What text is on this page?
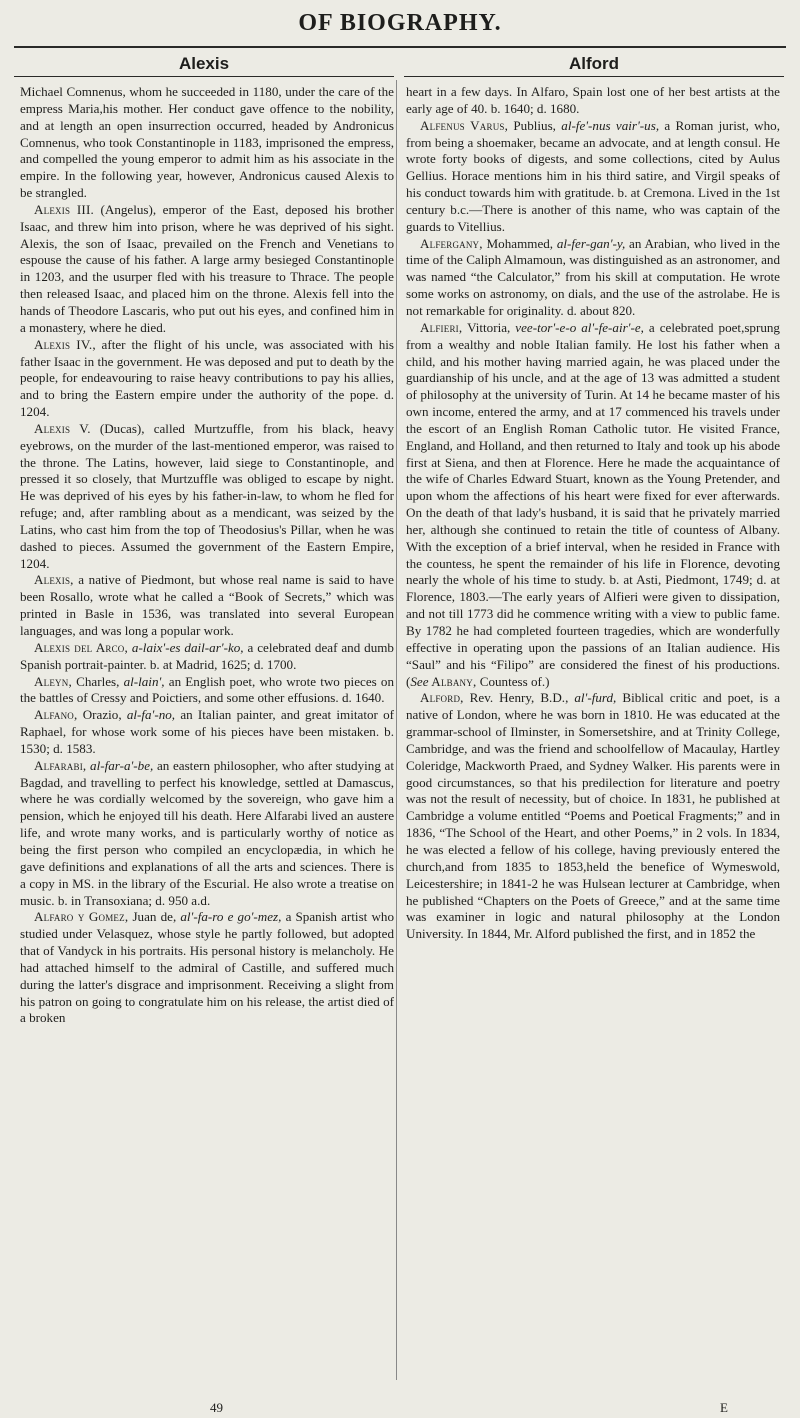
OF BIOGRAPHY.
Alexis	Alford

Michael Comnenus, whom he succeeded in 1180, under the care of the empress Maria,his mother. Her conduct gave offence to the nobility, and at length an open insurrection occurred, headed by Andronicus Comnenus, who took Constantinople in 1183, imprisoned the empress, and compelled the young emperor to admit him as his associate in the empire. In the following year, however, Andronicus caused Alexis to be strangled.

Alexis III. (Angelus), emperor of the East, deposed his brother Isaac, and threw him into prison, where he was deprived of his sight. Alexis, the son of Isaac, prevailed on the French and Venetians to espouse the cause of his father. A large army besieged Constantinople in 1203, and the usurper fled with his treasure to Thrace. The people then released Isaac, and placed him on the throne. Alexis fell into the hands of Theodore Lascaris, who put out his eyes, and confined him in a monastery, where he died.

Alexis IV., after the flight of his uncle, was associated with his father Isaac in the government. He was deposed and put to death by the people, for endeavouring to raise heavy contributions to pay his allies, and to bring the Eastern empire under the authority of the pope. d. 1204.

Alexis V. (Ducas), called Murtzuffle, from his black, heavy eyebrows, on the murder of the last-mentioned emperor, was raised to the throne. The Latins, however, laid siege to Constantinople, and pressed it so closely, that Murtzuffle was obliged to escape by night. He was deprived of his eyes by his father-in-law, to whom he fled for refuge; and, after rambling about as a mendicant, was seized by the Latins, who cast him from the top of Theodosius's Pillar, when he was dashed to pieces. Assumed the government of the Eastern Empire, 1204.

Alexis, a native of Piedmont, but whose real name is said to have been Rosallo, wrote what he called a “Book of Secrets,” which was printed in Basle in 1536, was translated into several European languages, and was long a popular work.

Alexis del Arco, a-laix'-es dail-ar'-ko, a celebrated deaf and dumb Spanish portrait-painter. b. at Madrid, 1625; d. 1700.

Aleyn, Charles, al-lain', an English poet, who wrote two pieces on the battles of Cressy and Poictiers, and some other effusions. d. 1640.

Alfano, Orazio, al-fa'-no, an Italian painter, and great imitator of Raphael, for whose work some of his pieces have been mistaken. b. 1530; d. 1583.

Alfarabi, al-far-a'-be, an eastern philosopher, who after studying at Bagdad, and travelling to perfect his knowledge, settled at Damascus, where he was cordially welcomed by the sovereign, who gave him a pension, which he enjoyed till his death. Here Alfarabi lived an austere life, and wrote many works, and is particularly worthy of notice as being the first person who compiled an encyclopædia, in which he gave definitions and explanations of all the arts and sciences. There is a copy in MS. in the library of the Escurial. He also wrote a treatise on music. b. in Transoxiana; d. 950 a.d.

Alfaro y Gomez, Juan de, al'-fa-ro e go'-mez, a Spanish artist who studied under Velasquez, whose style he partly followed, but adopted that of Vandyck in his portraits. His personal history is melancholy. He had attached himself to the admiral of Castille, and suffered much during the latter's disgrace and imprisonment. Receiving a slight from his patron on going to congratulate him on his release, the artist died of a broken

heart in a few days. In Alfaro, Spain lost one of her best artists at the early age of 40. b. 1640; d. 1680.

Alfenus Varus, Publius, al-fe'-nus vair'-us, a Roman jurist, who, from being a shoemaker, became an advocate, and at length consul. He wrote forty books of digests, and some collections, cited by Aulus Gellius. Horace mentions him in his third satire, and Virgil speaks of his conduct towards him with gratitude. b. at Cremona. Lived in the 1st century b.c.—There is another of this name, who was captain of the guards to Vitellius.

Alfergany, Mohammed, al-fer-gan'-y, an Arabian, who lived in the time of the Caliph Almamoun, was distinguished as an astronomer, and was named “the Calculator,” from his skill at computation. He wrote some works on astronomy, on dials, and the use of the astrolabe. He is not remarkable for originality. d. about 820.

Alfieri, Vittoria, vee-tor'-e-o al'-fe-air'-e, a celebrated poet,sprung from a wealthy and noble Italian family. He lost his father when a child, and his mother having married again, he was placed under the guardianship of his uncle, and at the age of 13 was admitted a student of philosophy at the university of Turin. At 14 he became master of his own income, entered the army, and at 17 commenced his travels under the escort of an English Roman Catholic tutor. He visited France, England, and Holland, and then returned to Italy and took up his abode first at Siena, and then at Florence. Here he made the acquaintance of the wife of Charles Edward Stuart, known as the Young Pretender, and upon whom the affections of his heart were fixed for ever afterwards. On the death of that lady's husband, it is said that he privately married her, although she continued to retain the title of countess of Albany. With the exception of a brief interval, when he resided in France with the countess, he spent the remainder of his life in Florence, devoting nearly the whole of his time to study. b. at Asti, Piedmont, 1749; d. at Florence, 1803.—The early years of Alfieri were given to dissipation, and not till 1773 did he commence writing with a view to public fame. By 1782 he had completed fourteen tragedies, which are wonderfully effective in operating upon the passions of an Italian audience. His “Saul” and his “Filipo” are considered the finest of his productions. (See Albany, Countess of.)

Alford, Rev. Henry, B.D., al'-furd, Biblical critic and poet, is a native of London, where he was born in 1810. He was educated at the grammar-school of Ilminster, in Somersetshire, and at Trinity College, Cambridge, and was the friend and schoolfellow of Macaulay, Hartley Coleridge, Mackworth Praed, and Sydney Walker. His parents were in good circumstances, so that his predilection for literature and poetry was not the result of necessity, but of choice. In 1831, he published at Cambridge a volume entitled “Poems and Poetical Fragments;” and in 1836, “The School of the Heart, and other Poems,” in 2 vols. In 1834, he was elected a fellow of his college, having previously entered the church,and from 1835 to 1853,held the benefice of Wymeswold, Leicestershire; in 1841-2 he was Hulsean lecturer at Cambridge, when he published “Chapters on the Poets of Greece,” and at the same time was examiner in logic and natural philosophy at the London University. In 1844, Mr. Alford published the first, and in 1852 the

49	E
